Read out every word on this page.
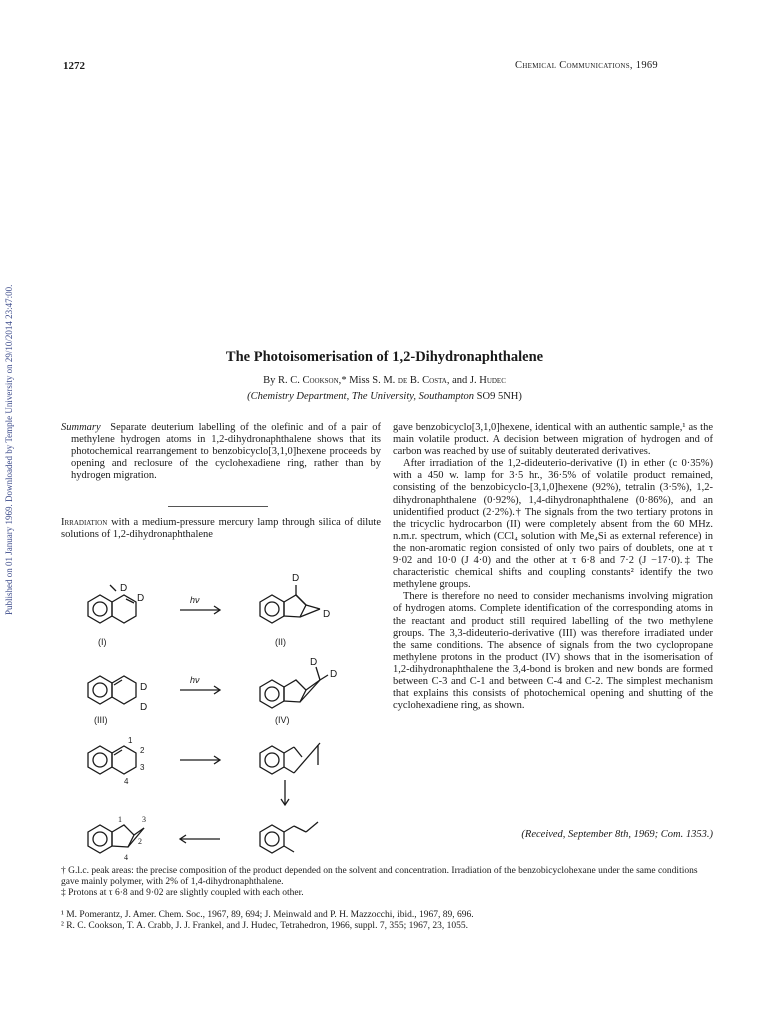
1272	Chemical Communications, 1969
Published on 01 January 1969. Downloaded by Temple University on 29/10/2014 23:47:00.	The Photoisomerisation of 1,2-Dihydronaphthalene
By R. C. Cookson,* Miss S. M. de B. Costa, and J. Hudec
(Chemistry Department, The University, Southampton SO9 5NH)

Summary Separate deuterium labelling of the olefinic and of a pair of methylene hydrogen atoms in 1,2-dihydronaphthalene shows that its photochemical rearrangement to benzobicyclo[3,1,0]hexene proceeds by opening and reclosure of the cyclohexadiene ring, rather than by hydrogen migration.

Irradiation with a medium-pressure mercury lamp through silica of dilute solutions of 1,2-dihydronaphthalene

D
D
(I)
hν
D
D
(II)
D
D
(III)
hν
D
D
(IV)
1
2
3
4
1	3
2
4

gave benzobicyclo[3,1,0]hexene, identical with an authentic sample,¹ as the main volatile product. A decision between migration of hydrogen and of carbon was reached by use of suitably deuterated derivatives.

After irradiation of the 1,2-dideuterio-derivative (I) in ether (c 0·35%) with a 450 w. lamp for 3·5 hr., 36·5% of volatile product remained, consisting of the benzobicyclo-[3,1,0]hexene (92%), tetralin (3·5%), 1,2-dihydronaphthalene (0·92%), 1,4-dihydronaphthalene (0·86%), and an unidentified product (2·2%).† The signals from the two tertiary protons in the tricyclic hydrocarbon (II) were completely absent from the 60 MHz. n.m.r. spectrum, which (CCl₄ solution with Me₄Si as external reference) in the non-aromatic region consisted of only two pairs of doublets, one at τ 9·02 and 10·0 (J 4·0) and the other at τ 6·8 and 7·2 (J −17·0).‡ The characteristic chemical shifts and coupling constants² identify the two methylene groups.

There is therefore no need to consider mechanisms involving migration of hydrogen atoms. Complete identification of the corresponding atoms in the reactant and product still required labelling of the two methylene groups. The 3,3-dideuterio-derivative (III) was therefore irradiated under the same conditions. The absence of signals from the two cyclopropane methylene protons in the product (IV) shows that in the isomerisation of 1,2-dihydronaphthalene the 3,4-bond is broken and new bonds are formed between C-3 and C-1 and between C-4 and C-2. The simplest mechanism that explains this consists of photochemical opening and shutting of the cyclohexadiene ring, as shown.

(Received, September 8th, 1969; Com. 1353.)

† G.l.c. peak areas: the precise composition of the product depended on the solvent and concentration. Irradiation of the benzobicyclohexane under the same conditions gave mainly polymer, with 2% of 1,4-dihydronaphthalene.

‡ Protons at τ 6·8 and 9·02 are slightly coupled with each other.

¹ M. Pomerantz, J. Amer. Chem. Soc., 1967, 89, 694; J. Meinwald and P. H. Mazzocchi, ibid., 1967, 89, 696.

² R. C. Cookson, T. A. Crabb, J. J. Frankel, and J. Hudec, Tetrahedron, 1966, suppl. 7, 355; 1967, 23, 1055.
